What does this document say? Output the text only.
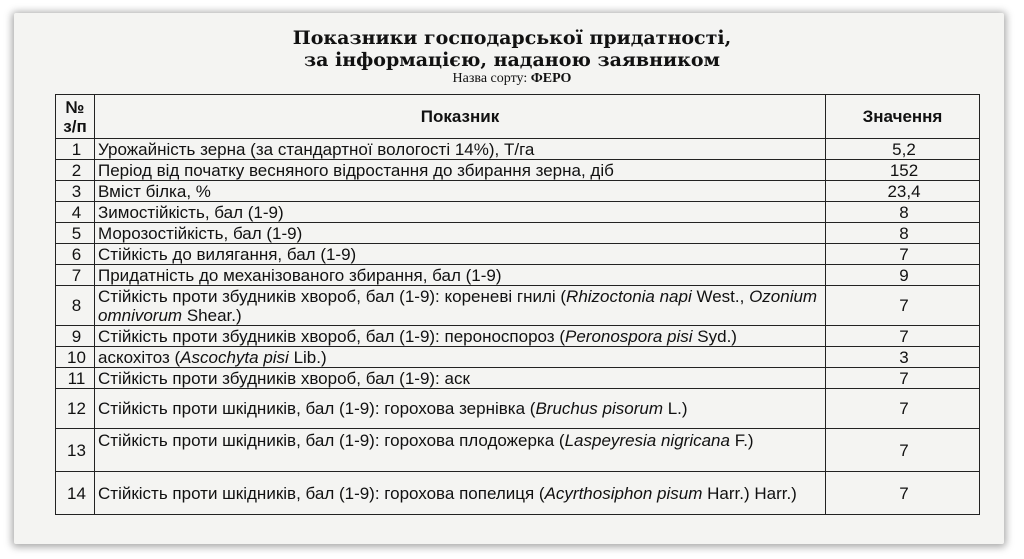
Показники господарської придатності,
за інформацією, наданою заявником
Назва сорту: ФЕРО
№
з/п	Показник	Значення
1	Урожайність зерна (за стандартної вологості 14%), Т/га	5,2
2	Період від початку весняного відростання до збирання зерна, діб	152
3	Вміст білка, %	23,4
4	Зимостійкість, бал (1-9)	8
5	Морозостійкість, бал (1-9)	8
6	Стійкість до вилягання, бал (1-9)	7
7	Придатність до механізованого збирання, бал (1-9)	9
8	Стійкість проти збудників хвороб, бал (1-9): кореневі гнилі (Rhizoctonia napi West., Ozonium omnivorum Shear.)	7
9	Стійкість проти збудників хвороб, бал (1-9): пероноспороз (Peronospora pisi Syd.)	7
10	аскохітоз (Ascochyta pisi Lib.)	3
11	Стійкість проти збудників хвороб, бал (1-9): аск	7
12	Стійкість проти шкідників, бал (1-9): горохова зернівка (Bruchus pisorum L.)	7
13	Стійкість проти шкідників, бал (1-9): горохова плодожерка (Laspeyresia nigricana F.)	7
14	Стійкість проти шкідників, бал (1-9): горохова попелиця (Acyrthosiphon pisum Harr.) Harr.)	7
